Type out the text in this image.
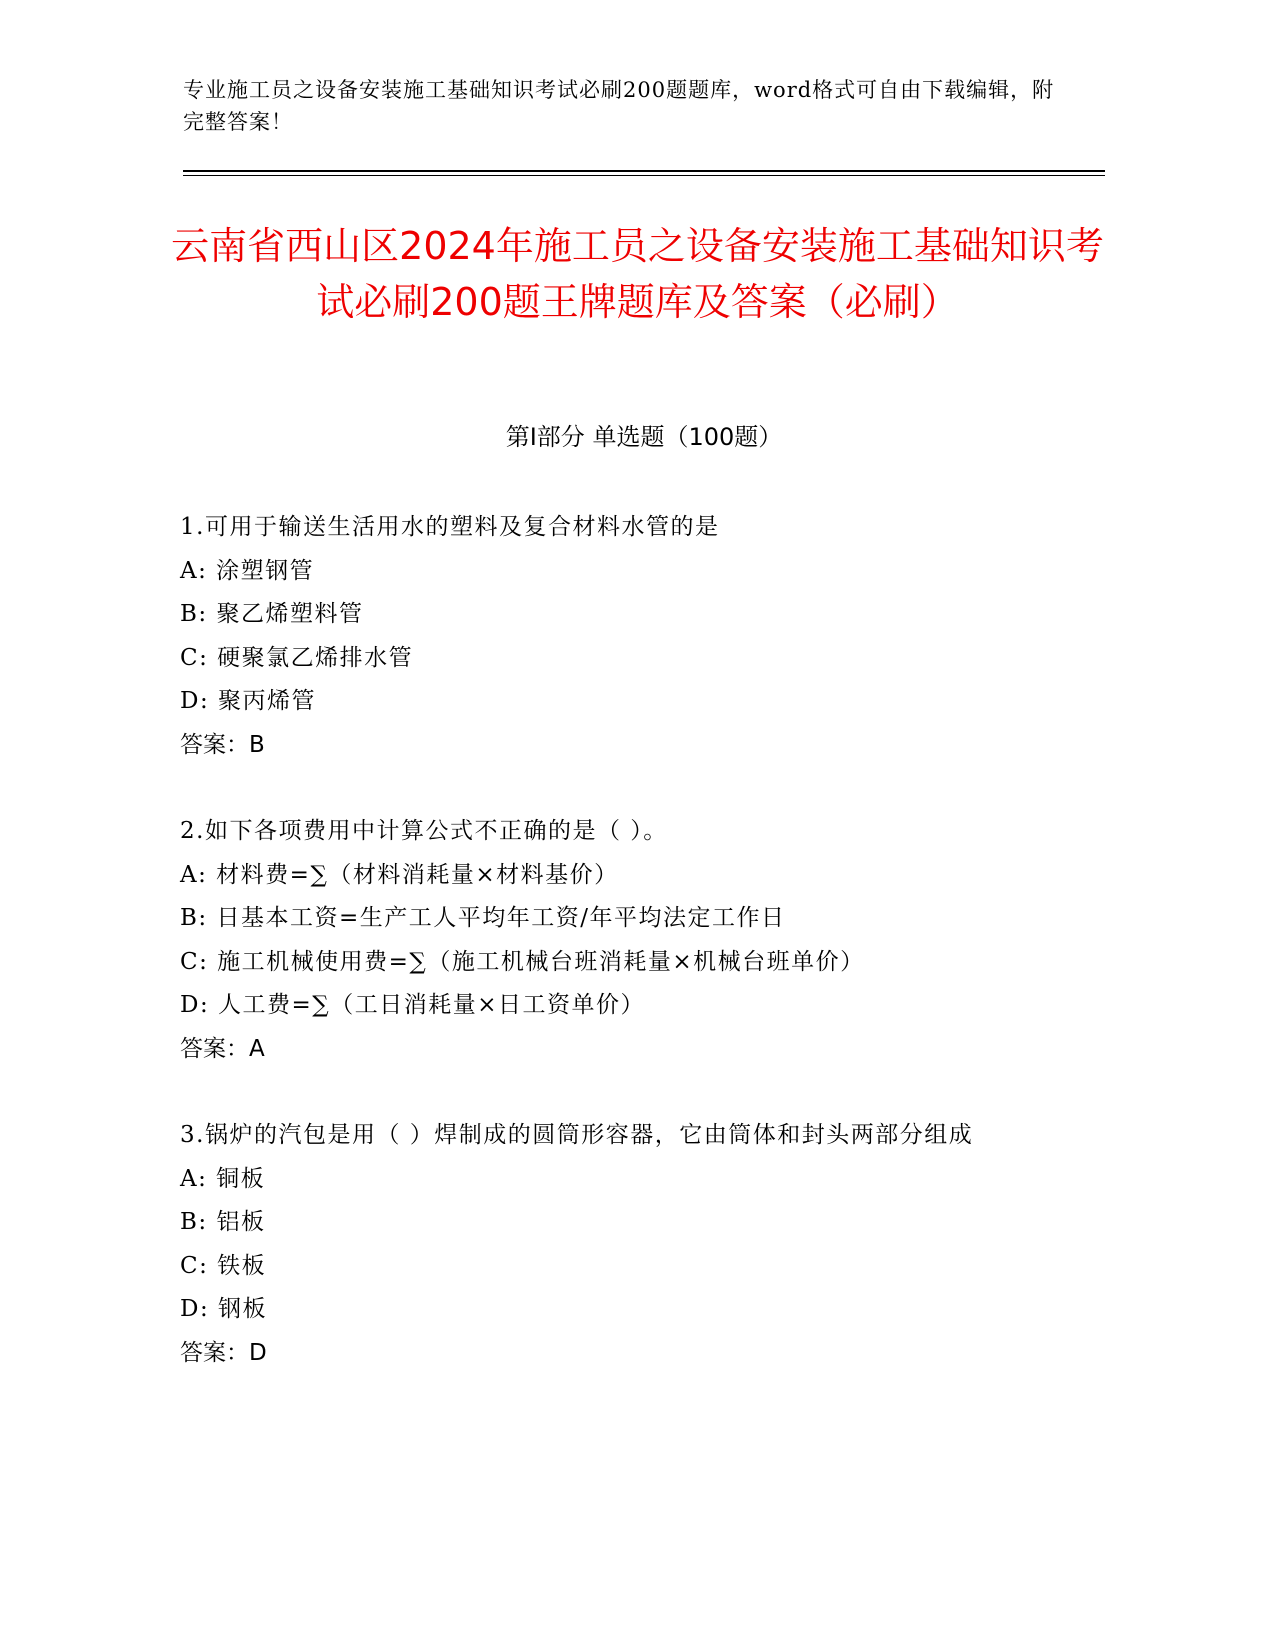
专业施工员之设备安装施工基础知识考试必刷200题题库，word格式可自由下载编辑，附完整答案！
云南省西山区2024年施工员之设备安装施工基础知识考试必刷200题王牌题库及答案（必刷）
第I部分 单选题（100题）
1.可用于输送生活用水的塑料及复合材料水管的是
A: 涂塑钢管
B: 聚乙烯塑料管
C: 硬聚氯乙烯排水管
D: 聚丙烯管
答案：B
2.如下各项费用中计算公式不正确的是（ ）。
A: 材料费=∑（材料消耗量×材料基价）
B: 日基本工资=生产工人平均年工资/年平均法定工作日
C: 施工机械使用费=∑（施工机械台班消耗量×机械台班单价）
D: 人工费=∑（工日消耗量×日工资单价）
答案：A
3.锅炉的汽包是用（ ）焊制成的圆筒形容器，它由筒体和封头两部分组成
A: 铜板
B: 铝板
C: 铁板
D: 钢板
答案：D
